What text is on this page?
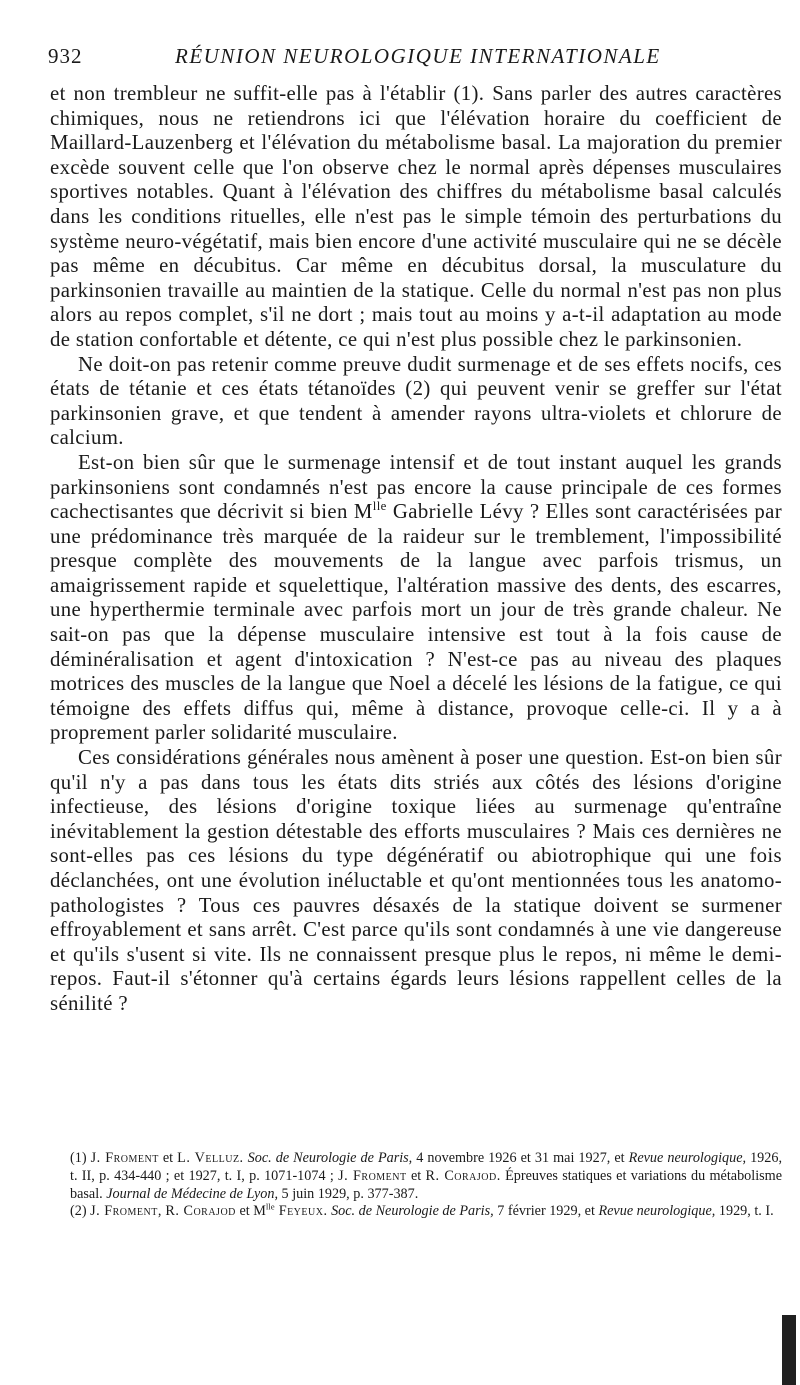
932	RÉUNION NEUROLOGIQUE INTERNATIONALE

et non trembleur ne suffit-elle pas à l'établir (1). Sans parler des autres caractères chimiques, nous ne retiendrons ici que l'élévation horaire du coefficient de Maillard-Lauzenberg et l'élévation du métabolisme basal. La majoration du premier excède souvent celle que l'on observe chez le normal après dépenses musculaires sportives notables. Quant à l'élévation des chiffres du métabolisme basal calculés dans les conditions rituelles, elle n'est pas le simple témoin des perturbations du système neuro-végétatif, mais bien encore d'une activité musculaire qui ne se décèle pas même en décubitus. Car même en décubitus dorsal, la musculature du parkinsonien travaille au maintien de la statique. Celle du normal n'est pas non plus alors au repos complet, s'il ne dort ; mais tout au moins y a-t-il adaptation au mode de station confortable et détente, ce qui n'est plus possible chez le parkinsonien.

Ne doit-on pas retenir comme preuve dudit surmenage et de ses effets nocifs, ces états de tétanie et ces états tétanoïdes (2) qui peuvent venir se greffer sur l'état parkinsonien grave, et que tendent à amender rayons ultra-violets et chlorure de calcium.

Est-on bien sûr que le surmenage intensif et de tout instant auquel les grands parkinsoniens sont condamnés n'est pas encore la cause principale de ces formes cachectisantes que décrivit si bien $M^{lle}$ Gabrielle Lévy ? Elles sont caractérisées par une prédominance très marquée de la raideur sur le tremblement, l'impossibilité presque complète des mouvements de la langue avec parfois trismus, un amaigrissement rapide et squelettique, l'altération massive des dents, des escarres, une hyperthermie terminale avec parfois mort un jour de très grande chaleur. Ne sait-on pas que la dépense musculaire intensive est tout à la fois cause de déminéralisation et agent d'intoxication ? N'est-ce pas au niveau des plaques motrices des muscles de la langue que Noel a décelé les lésions de la fatigue, ce qui témoigne des effets diffus qui, même à distance, provoque celle-ci. Il y a à proprement parler solidarité musculaire.

Ces considérations générales nous amènent à poser une question. Est-on bien sûr qu'il n'y a pas dans tous les états dits striés aux côtés des lésions d'origine infectieuse, des lésions d'origine toxique liées au surmenage qu'entraîne inévitablement la gestion détestable des efforts musculaires ? Mais ces dernières ne sont-elles pas ces lésions du type dégénératif ou abiotrophique qui une fois déclanchées, ont une évolution inéluctable et qu'ont mentionnées tous les anatomo-pathologistes ? Tous ces pauvres désaxés de la statique doivent se surmener effroyablement et sans arrêt. C'est parce qu'ils sont condamnés à une vie dangereuse et qu'ils s'usent si vite. Ils ne connaissent presque plus le repos, ni même le demi-repos. Faut-il s'étonner qu'à certains égards leurs lésions rappellent celles de la sénilité ?

(1) J. Froment et L. Velluz. Soc. de Neurologie de Paris, 4 novembre 1926 et 31 mai 1927, et Revue neurologique, 1926, t. II, p. 434-440 ; et 1927, t. I, p. 1071-1074 ; J. Froment et R. Corajod. Épreuves statiques et variations du métabolisme basal. Journal de Médecine de Lyon, 5 juin 1929, p. 377-387.

(2) J. Froment, R. Corajod et $M^{lle}$ Feyeux. Soc. de Neurologie de Paris, 7 février 1929, et Revue neurologique, 1929, t. I.
